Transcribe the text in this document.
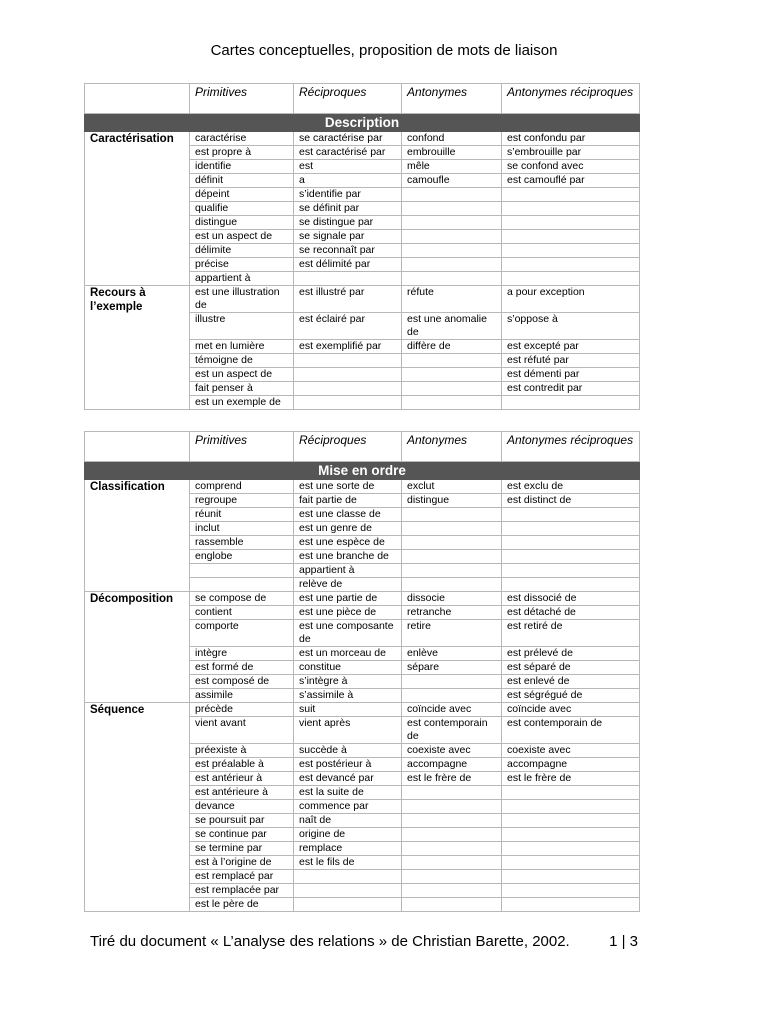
Cartes conceptuelles, proposition de mots de liaison
	Primitives	Réciproques	Antonymes	Antonymes réciproques
Description				
Caractérisation	caractérise	se caractérise par	confond	est confondu par
	est propre à	est caractérisé par	embrouille	s’embrouille par
	identifie	est	mêle	se confond avec
	définit	a	camoufle	est camouflé par
	dépeint	s’identifie par		
	qualifie	se définit par		
	distingue	se distingue par		
	est un aspect de	se signale par		
	délimite	se reconnaît par		
	précise	est délimité par		
	appartient à			
Recours à l’exemple	est une illustration de	est illustré par	réfute	a pour exception
	illustre	est éclairé par	est une anomalie de	s’oppose à
	met en lumière	est exemplifié par	diffère de	est excepté par
	témoigne de			est réfuté par
	est un aspect de			est démenti par
	fait penser à			est contredit par
	est un exemple de			
	Primitives	Réciproques	Antonymes	Antonymes réciproques
Mise en ordre				
Classification	comprend	est une sorte de	exclut	est exclu de
	regroupe	fait partie de	distingue	est distinct de
	réunit	est une classe de		
	inclut	est un genre de		
	rassemble	est une espèce de		
	englobe	est une branche de		
		appartient à		
		relève de		
Décomposition	se compose de	est une partie de	dissocie	est dissocié de
	contient	est une pièce de	retranche	est détaché de
	comporte	est une composante de	retire	est retiré de
	intègre	est un morceau de	enlève	est prélevé de
	est formé de	constitue	sépare	est séparé de
	est composé de	s’intègre à		est enlevé de
	assimile	s’assimile à		est ségrégué de
Séquence	précède	suit	coïncide avec	coïncide avec
	vient avant	vient après	est contemporain de	est contemporain de
	préexiste à	succède à	coexiste avec	coexiste avec
	est préalable à	est postérieur à	accompagne	accompagne
	est antérieur à	est devancé par	est le frère de	est le frère de
	est antérieure à	est la suite de		
	devance	commence par		
	se poursuit par	naît de		
	se continue par	origine de		
	se termine par	remplace		
	est à l’origine de	est le fils de		
	est remplacé par			
	est remplacée par			
	est le père de			
Tiré du document « L’analyse des relations » de Christian Barette, 2002.	1 | 3
